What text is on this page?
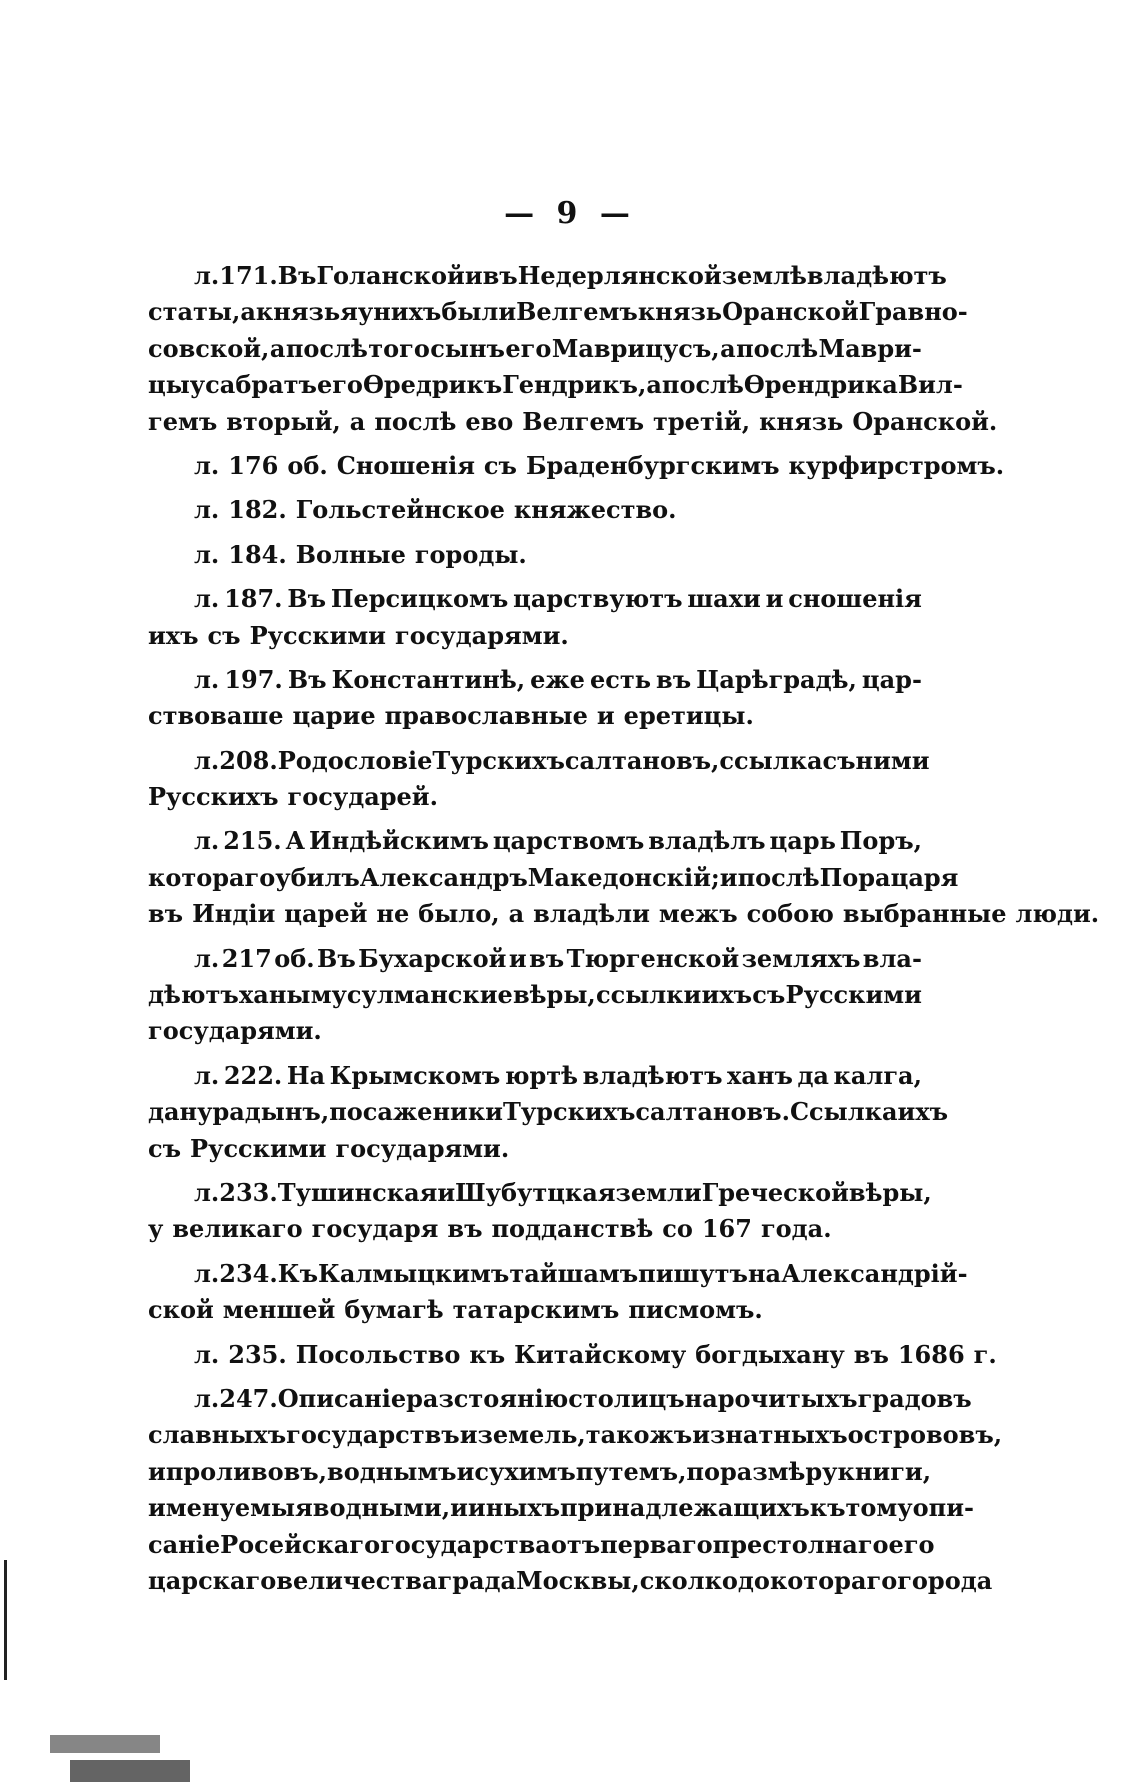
— 9 —
л. 171. Въ Голанской и въ Недерлянской землѣ владѣютъ
статы, а князья у нихъ были Велгемъ князь Оранской Гравно-
совской, а послѣ того сынъ его Маврицусъ, а послѣ Маври-
цыуса братъ его Ѳредрикъ Гендрикъ, а послѣ Ѳрендрика Вил-
гемъ вторый, а послѣ ево Велгемъ третій, князь Оранской.
л. 176 об. Сношенія съ Браденбургскимъ курфирстромъ.
л. 182. Гольстейнское княжество.
л. 184. Волные городы.
л. 187. Въ Персицкомъ царствуютъ шахи и сношенія
ихъ съ Русскими государями.
л. 197. Въ Константинѣ, еже есть въ Царѣградѣ, цар-
ствоваше царие православные и еретицы.
л. 208. Родословіе Турскихъ салтановъ, ссылка съ ними
Русскихъ государей.
л. 215. А Индѣйскимъ царствомъ владѣлъ царь Поръ,
котораго убилъ Александръ Македонскій; и послѣ Пора царя
въ Индіи царей не было, а владѣли межъ собою выбранные люди.
л. 217 об. Въ Бухарской и въ Тюргенской земляхъ вла-
дѣютъ ханы мусулманские вѣры, ссылки ихъ съ Русскими
государями.
л. 222. На Крымскомъ юртѣ владѣютъ ханъ да калга,
да нурадынъ, посаженики Турскихъ салтановъ. Ссылка ихъ
съ Русскими государями.
л. 233. Тушинская и Шубутцкая земли Греческой вѣры,
у великаго государя въ подданствѣ со 167 года.
л. 234. Къ Калмыцкимъ тайшамъ пишутъ на Александрій-
ской меншей бумагѣ татарскимъ писмомъ.
л. 235. Посольство къ Китайскому богдыхану въ 1686 г.
л. 247. Описаніе разстоянію столицъ нарочитыхъ градовъ
славныхъ государствъ и земель, такожъ и знатныхъ острововъ,
и проливовъ, воднымъ и сухимъ путемъ, по размѣру книги,
именуемыя водными, и иныхъ принадлежащихъ къ тому опи-
саніе Росейскаго государства отъ перваго престолнаго его
царскаго величества града Москвы, сколко до котораго города
